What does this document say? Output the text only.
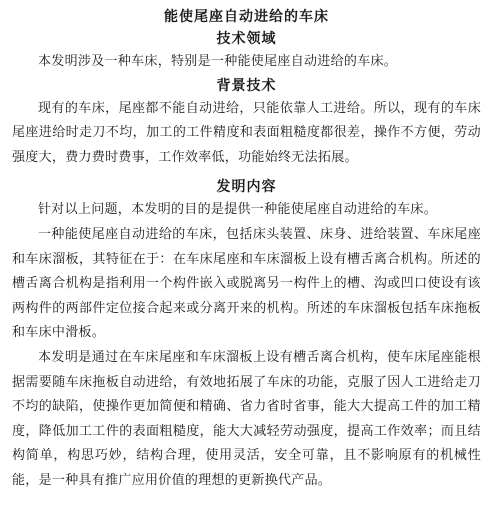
能使尾座自动进给的车床
技术领域

本发明涉及一种车床，特别是一种能使尾座自动进给的车床。

背景技术

现有的车床，尾座都不能自动进给，只能依靠人工进给。所以，现有的车床尾座进给时走刀不均，加工的工件精度和表面粗糙度都很差，操作不方便，劳动强度大，费力费时费事，工作效率低，功能始终无法拓展。

发明内容

针对以上问题，本发明的目的是提供一种能使尾座自动进给的车床。

一种能使尾座自动进给的车床，包括床头装置、床身、进给装置、车床尾座和车床溜板，其特征在于：在车床尾座和车床溜板上设有槽舌离合机构。所述的槽舌离合机构是指利用一个构件嵌入或脱离另一构件上的槽、沟或凹口使设有该两构件的两部件定位接合起来或分离开来的机构。所述的车床溜板包括车床拖板和车床中滑板。

本发明是通过在车床尾座和车床溜板上设有槽舌离合机构，使车床尾座能根据需要随车床拖板自动进给，有效地拓展了车床的功能，克服了因人工进给走刀不均的缺陷，使操作更加简便和精确、省力省时省事，能大大提高工件的加工精度，降低加工工件的表面粗糙度，能大大减轻劳动强度，提高工作效率；而且结构简单，构思巧妙，结构合理，使用灵活，安全可靠，且不影响原有的机械性能，是一种具有推广应用价值的理想的更新换代产品。
